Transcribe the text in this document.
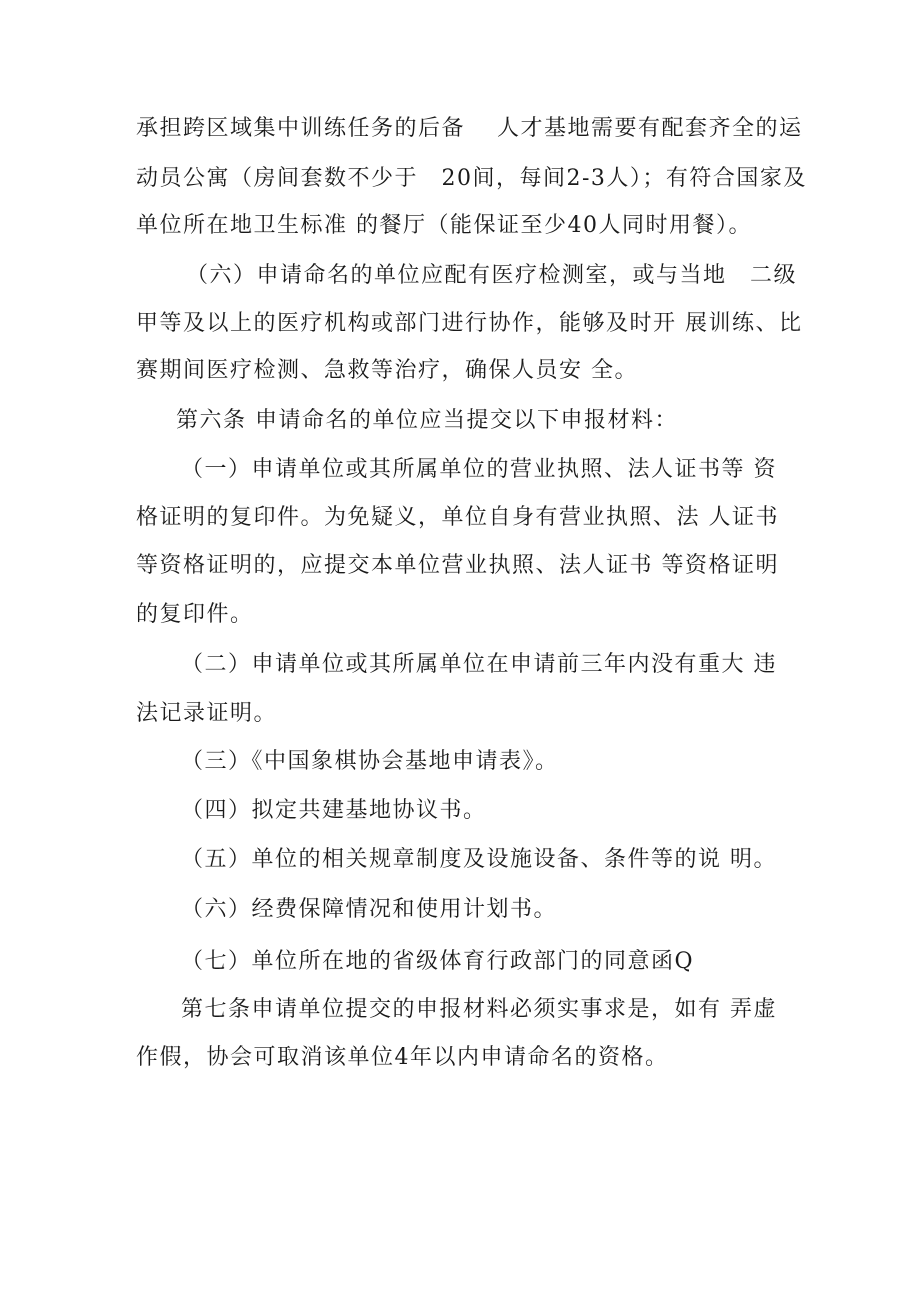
承担跨区域集中训练任务的后备　 人才基地需要有配套齐全的运
动员公寓（房间套数不少于　20间，每间2-3人）；有符合国家及
单位所在地卫生标准 的餐厅（能保证至少40人同时用餐）。
（六）申请命名的单位应配有医疗检测室，或与当地　二级
甲等及以上的医疗机构或部门进行协作，能够及时开 展训练、比
赛期间医疗检测、急救等治疗，确保人员安 全。
第六条 申请命名的单位应当提交以下申报材料：
（一）申请单位或其所属单位的营业执照、法人证书等 资
格证明的复印件。为免疑义，单位自身有营业执照、法 人证书
等资格证明的，应提交本单位营业执照、法人证书 等资格证明
的复印件。
（二）申请单位或其所属单位在申请前三年内没有重大 违
法记录证明。
（三）《中国象棋协会基地申请表》。
（四）拟定共建基地协议书。
（五）单位的相关规章制度及设施设备、条件等的说 明。
（六）经费保障情况和使用计划书。
（七）单位所在地的省级体育行政部门的同意函Q
第七条申请单位提交的申报材料必须实事求是，如有 弄虚
作假，协会可取消该单位4年以内申请命名的资格。
